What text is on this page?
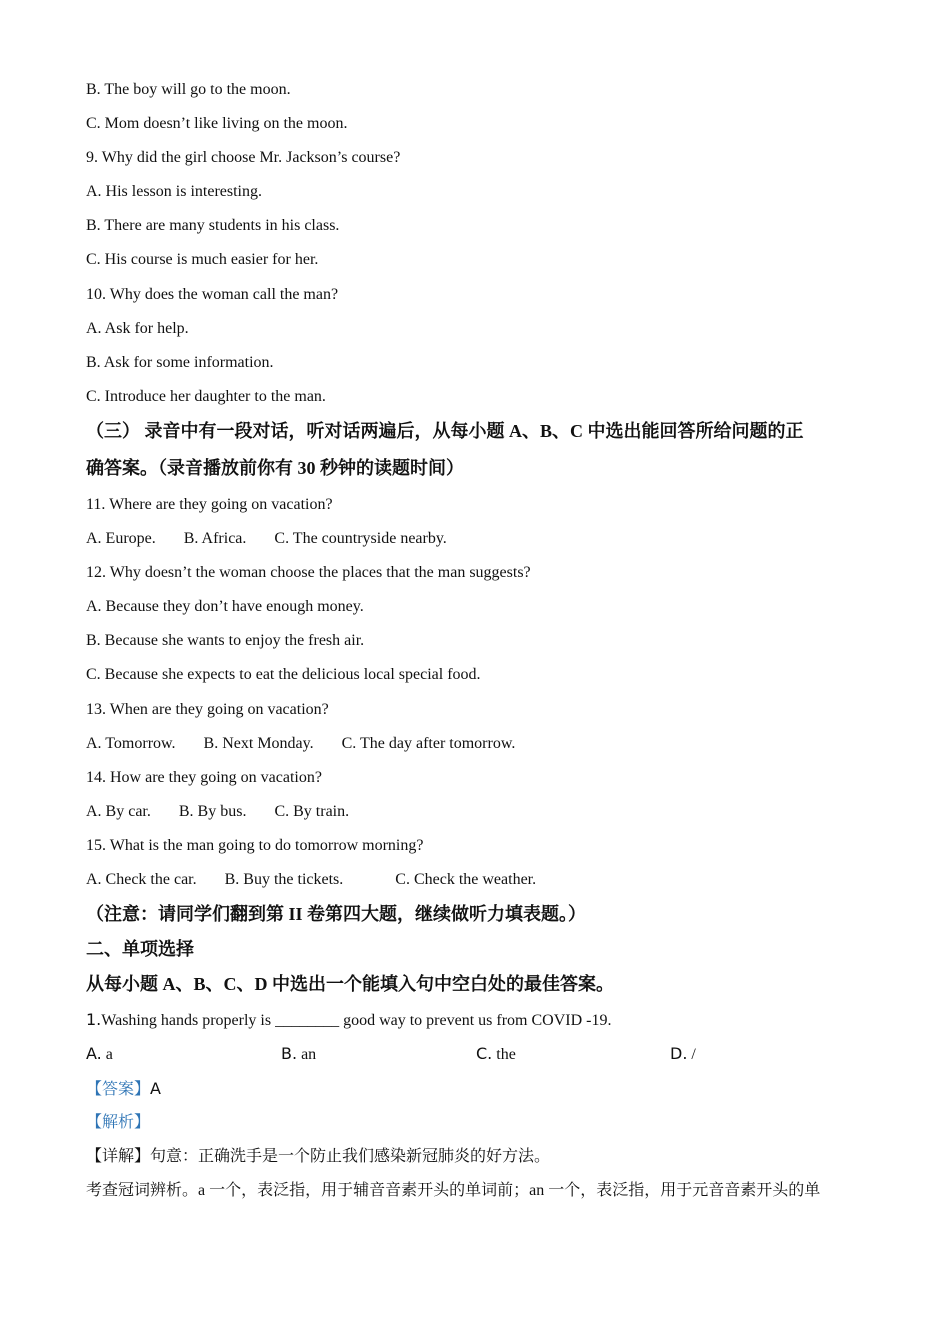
B. The boy will go to the moon.
C. Mom doesn’t like living on the moon.
9. Why did the girl choose Mr. Jackson’s course?
A. His lesson is interesting.
B. There are many students in his class.
C. His course is much easier for her.
10. Why does the woman call the man?
A. Ask for help.
B. Ask for some information.
C. Introduce her daughter to the man.
（三） 录音中有一段对话，听对话两遍后，从每小题 A、B、C 中选出能回答所给问题的正
确答案。（录音播放前你有 30 秒钟的读题时间）
11. Where are they going on vacation?
A. Europe.       B. Africa.       C. The countryside nearby.
12. Why doesn’t the woman choose the places that the man suggests?
A. Because they don’t have enough money.
B. Because she wants to enjoy the fresh air.
C. Because she expects to eat the delicious local special food.
13. When are they going on vacation?
A. Tomorrow.       B. Next Monday.       C. The day after tomorrow.
14. How are they going on vacation?
A. By car.       B. By bus.       C. By train.
15. What is the man going to do tomorrow morning?
A. Check the car.       B. Buy the tickets.             C. Check the weather.
（注意：请同学们翻到第 II 卷第四大题，继续做听力填表题。）
二、单项选择
从每小题 A、B、C、D 中选出一个能填入句中空白处的最佳答案。
1.Washing hands properly is ________ good way to prevent us from COVID -19.
A. a	B. an	C. the	D. /
【答案】A
【解析】
【详解】句意：正确洗手是一个防止我们感染新冠肺炎的好方法。
考查冠词辨析。a 一个，表泛指，用于辅音音素开头的单词前；an 一个，表泛指，用于元音音素开头的单
